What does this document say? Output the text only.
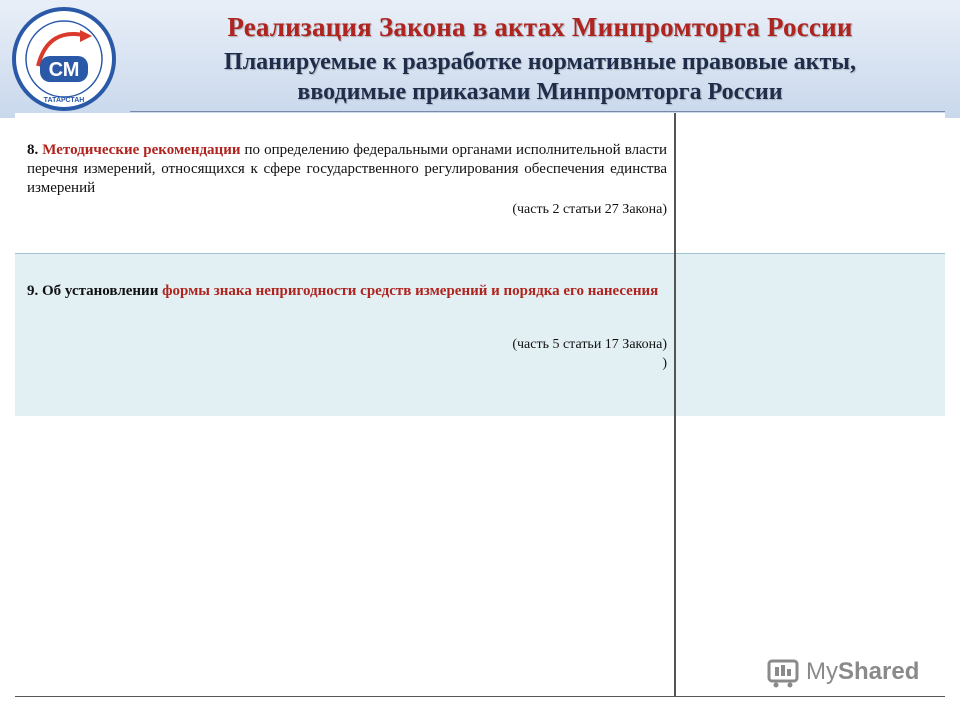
СМ
ТАТАРСТАН
Реализация Закона в актах Минпромторга России
Планируемые к разработке нормативные правовые акты,
вводимые приказами Минпромторга России
8. Методические рекомендации по определению федеральными органами исполнительной власти перечня измерений, относящихся к сфере государственного регулирования обеспечения единства измерений
(часть 2 статьи 27 Закона)
9. Об установлении формы знака непригодности средств измерений и порядка его нанесения
(часть 5 статьи 17 Закона)
)
My Shared
